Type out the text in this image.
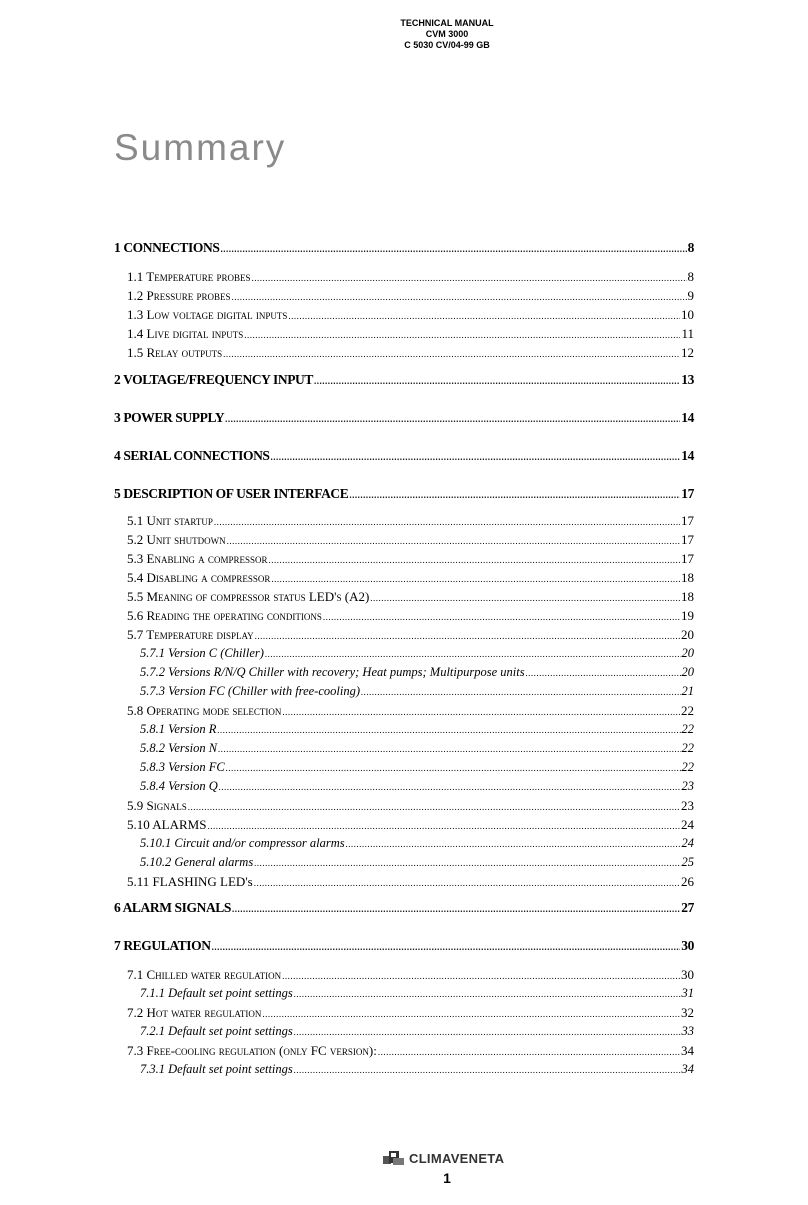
TECHNICAL MANUAL
CVM 3000
C 5030 CV/04-99 GB
Summary
1 CONNECTIONS .....	8
1.1 Temperature probes .....	8
1.2 Pressure probes .....	9
1.3 Low voltage digital inputs .....	10
1.4 Live digital inputs .....	11
1.5 Relay outputs .....	12
2 VOLTAGE/FREQUENCY INPUT .....	13
3 POWER SUPPLY .....	14
4 SERIAL CONNECTIONS .....	14
5 DESCRIPTION OF USER INTERFACE .....	17
5.1 Unit startup .....	17
5.2 Unit shutdown .....	17
5.3 Enabling a compressor .....	17
5.4 Disabling a compressor .....	18
5.5 Meaning of compressor status LED's (A2) .....	18
5.6 Reading the operating conditions .....	19
5.7 Temperature display .....	20
5.7.1 Version C (Chiller) .....	20
5.7.2 Versions R/N/Q Chiller with recovery; Heat pumps; Multipurpose units .....	20
5.7.3 Version FC (Chiller with free-cooling) .....	21
5.8 Operating mode selection .....	22
5.8.1 Version R .....	22
5.8.2 Version N .....	22
5.8.3 Version FC .....	22
5.8.4 Version Q .....	23
5.9 Signals .....	23
5.10 ALARMS .....	24
5.10.1 Circuit and/or compressor alarms .....	24
5.10.2 General alarms .....	25
5.11 FLASHING LED's .....	26
6 ALARM SIGNALS .....	27
7 REGULATION .....	30
7.1 Chilled water regulation .....	30
7.1.1 Default set point settings .....	31
7.2 Hot water regulation .....	32
7.2.1 Default set point settings .....	33
7.3 Free-cooling regulation (only FC version): .....	34
7.3.1 Default set point settings .....	34
CLIMAVENETA
1
